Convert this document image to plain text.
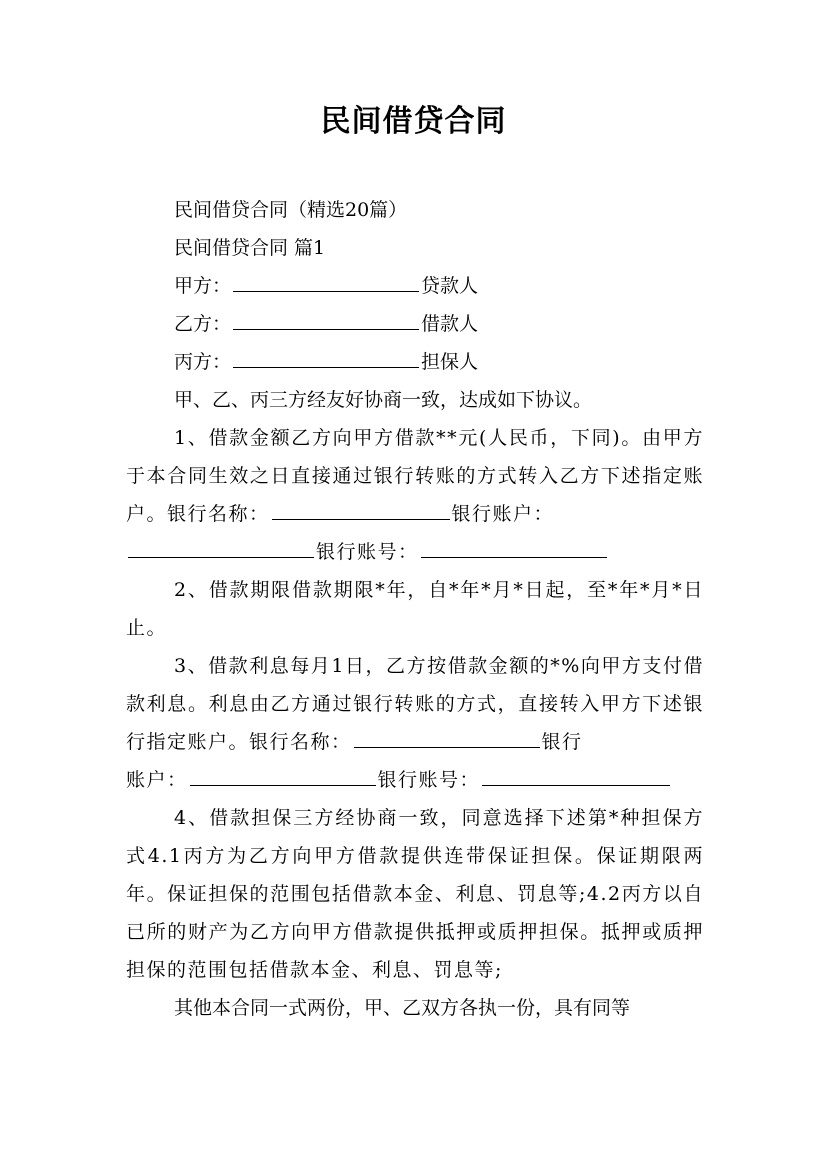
民间借贷合同
民间借贷合同（精选20篇）
民间借贷合同 篇1
甲方：	贷款人
乙方：	借款人
丙方：	担保人
甲、乙、丙三方经友好协商一致，达成如下协议。
1、借款金额乙方向甲方借款**元(人民币，下同)。由甲方于本合同生效之日直接通过银行转账的方式转入乙方下述指定账户。银行名称：	银行账户：
银行账号：
2、借款期限借款期限*年，自*年*月*日起，至*年*月*日止。
3、借款利息每月1日，乙方按借款金额的*%向甲方支付借款利息。利息由乙方通过银行转账的方式，直接转入甲方下述银行指定账户。银行名称：	银行
账户：	银行账号：
4、借款担保三方经协商一致，同意选择下述第*种担保方式4.1丙方为乙方向甲方借款提供连带保证担保。保证期限两年。保证担保的范围包括借款本金、利息、罚息等;4.2丙方以自已所的财产为乙方向甲方借款提供抵押或质押担保。抵押或质押担保的范围包括借款本金、利息、罚息等;
其他本合同一式两份，甲、乙双方各执一份，具有同等
